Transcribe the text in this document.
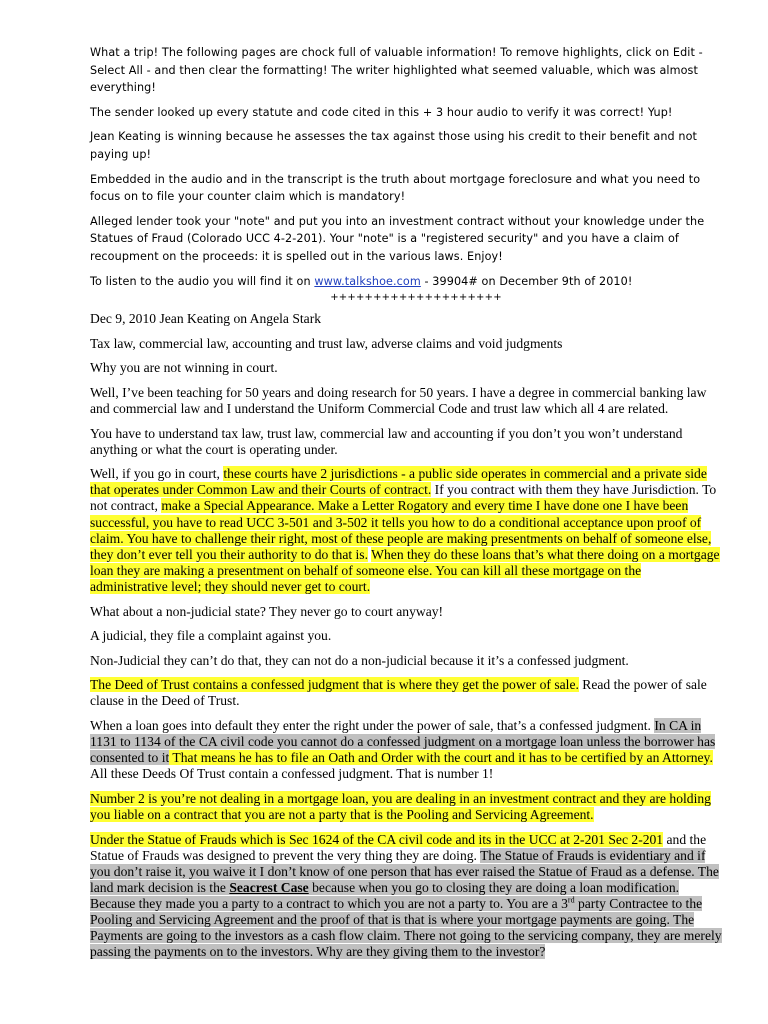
What a trip! The following pages are chock full of valuable information! To remove highlights, click on Edit - Select All - and then clear the formatting! The writer highlighted what seemed valuable, which was almost everything!

The sender looked up every statute and code cited in this + 3 hour audio to verify it was correct! Yup!

Jean Keating is winning because he assesses the tax against those using his credit to their benefit and not paying up!

Embedded in the audio and in the transcript is the truth about mortgage foreclosure and what you need to focus on to file your counter claim which is mandatory!

Alleged lender took your "note" and put you into an investment contract without your knowledge under the Statues of Fraud (Colorado UCC 4-2-201). Your "note" is a "registered security" and you have a claim of recoupment on the proceeds: it is spelled out in the various laws. Enjoy!

To listen to the audio you will find it on www.talkshoe.com - 39904# on December 9th of 2010!

++++++++++++++++++++

Dec 9, 2010 Jean Keating on Angela Stark

Tax law, commercial law, accounting and trust law, adverse claims and void judgments

Why you are not winning in court.

Well, I’ve been teaching for 50 years and doing research for 50 years. I have a degree in commercial banking law and commercial law and I understand the Uniform Commercial Code and trust law which all 4 are related.

You have to understand tax law, trust law, commercial law and accounting if you don’t you won’t understand anything or what the court is operating under.

Well, if you go in court, these courts have 2 jurisdictions - a public side operates in commercial and a private side that operates under Common Law and their Courts of contract. If you contract with them they have Jurisdiction. To not contract, make a Special Appearance. Make a Letter Rogatory and every time I have done one I have been successful, you have to read UCC 3-501 and 3-502 it tells you how to do a conditional acceptance upon proof of claim. You have to challenge their right, most of these people are making presentments on behalf of someone else, they don’t ever tell you their authority to do that is. When they do these loans that’s what there doing on a mortgage loan they are making a presentment on behalf of someone else. You can kill all these mortgage on the administrative level; they should never get to court.

What about a non-judicial state? They never go to court anyway!

A judicial, they file a complaint against you.

Non-Judicial they can’t do that, they can not do a non-judicial because it it’s a confessed judgment.

The Deed of Trust contains a confessed judgment that is where they get the power of sale. Read the power of sale clause in the Deed of Trust.

When a loan goes into default they enter the right under the power of sale, that’s a confessed judgment. In CA in 1131 to 1134 of the CA civil code you cannot do a confessed judgment on a mortgage loan unless the borrower has consented to it That means he has to file an Oath and Order with the court and it has to be certified by an Attorney. All these Deeds Of Trust contain a confessed judgment. That is number 1!

Number 2 is you’re not dealing in a mortgage loan, you are dealing in an investment contract and they are holding you liable on a contract that you are not a party that is the Pooling and Servicing Agreement.

Under the Statue of Frauds which is Sec 1624 of the CA civil code and its in the UCC at 2-201 Sec 2-201 and the Statue of Frauds was designed to prevent the very thing they are doing. The Statue of Frauds is evidentiary and if you don’t raise it, you waive it I don’t know of one person that has ever raised the Statue of Fraud as a defense. The land mark decision is the Seacrest Case because when you go to closing they are doing a loan modification. Because they made you a party to a contract to which you are not a party to. You are a 3rd party Contractee to the Pooling and Servicing Agreement and the proof of that is that is where your mortgage payments are going. The Payments are going to the investors as a cash flow claim. There not going to the servicing company, they are merely passing the payments on to the investors. Why are they giving them to the investor?
